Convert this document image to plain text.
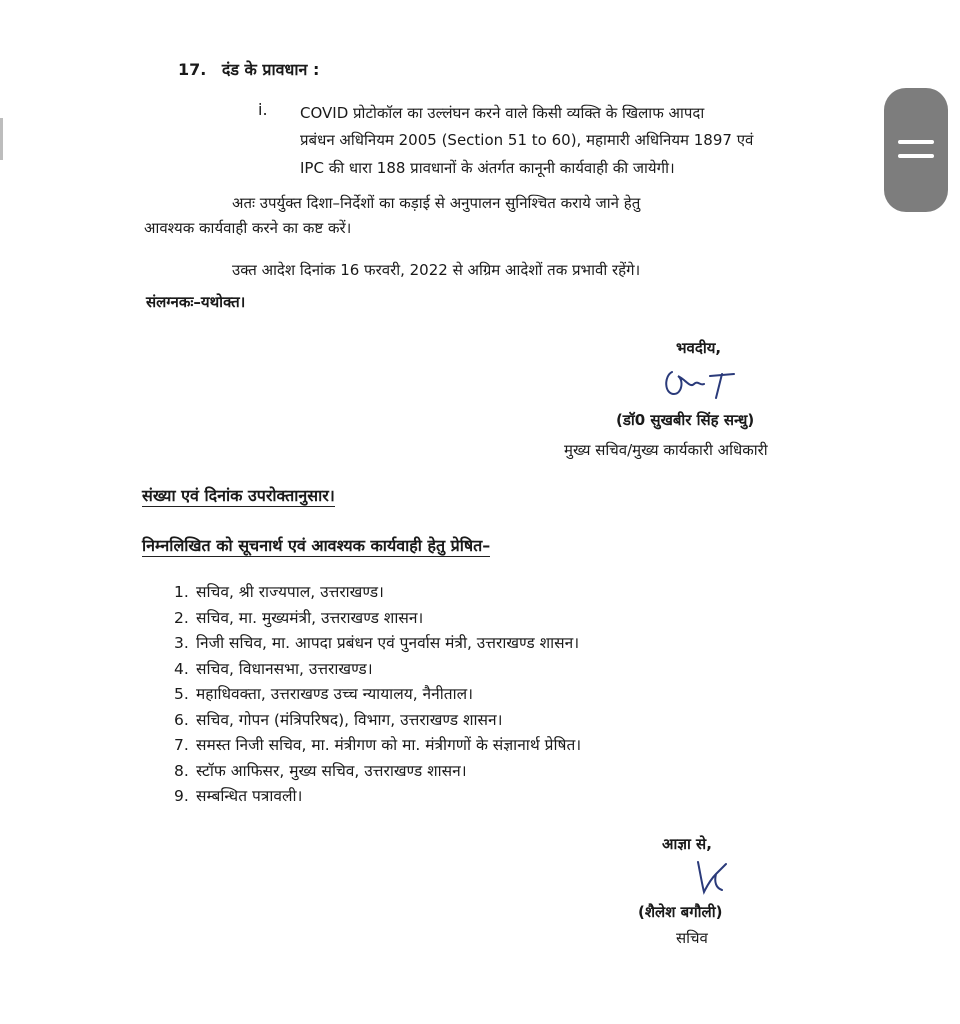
17. दंड के प्रावधान :
i. COVID प्रोटोकॉल का उल्लंघन करने वाले किसी व्यक्ति के खिलाफ आपदा
प्रबंधन अधिनियम 2005 (Section 51 to 60), महामारी अधिनियम 1897 एवं
IPC की धारा 188 प्रावधानों के अंतर्गत कानूनी कार्यवाही की जायेगी।
अतः उपर्युक्त दिशा–निर्देशों का कड़ाई से अनुपालन सुनिश्चित कराये जाने हेतु
आवश्यक कार्यवाही करने का कष्ट करें।
उक्त आदेश दिनांक 16 फरवरी, 2022 से अग्रिम आदेशों तक प्रभावी रहेंगे।
संलग्नकः–यथोक्त।
भवदीय,
(डॉ0 सुखबीर सिंह सन्धु)
मुख्य सचिव/मुख्य कार्यकारी अधिकारी
संख्या एवं दिनांक उपरोक्तानुसार।
निम्नलिखित को सूचनार्थ एवं आवश्यक कार्यवाही हेतु प्रेषित–
1. सचिव, श्री राज्यपाल, उत्तराखण्ड।
2. सचिव, मा. मुख्यमंत्री, उत्तराखण्ड शासन।
3. निजी सचिव, मा. आपदा प्रबंधन एवं पुनर्वास मंत्री, उत्तराखण्ड शासन।
4. सचिव, विधानसभा, उत्तराखण्ड।
5. महाधिवक्ता, उत्तराखण्ड उच्च न्यायालय, नैनीताल।
6. सचिव, गोपन (मंत्रिपरिषद), विभाग, उत्तराखण्ड शासन।
7. समस्त निजी सचिव, मा. मंत्रीगण को मा. मंत्रीगणों के संज्ञानार्थ प्रेषित।
8. स्टॉफ आफिसर, मुख्य सचिव, उत्तराखण्ड शासन।
9. सम्बन्धित पत्रावली।
आज्ञा से,
(शैलेश बगौली)
सचिव
